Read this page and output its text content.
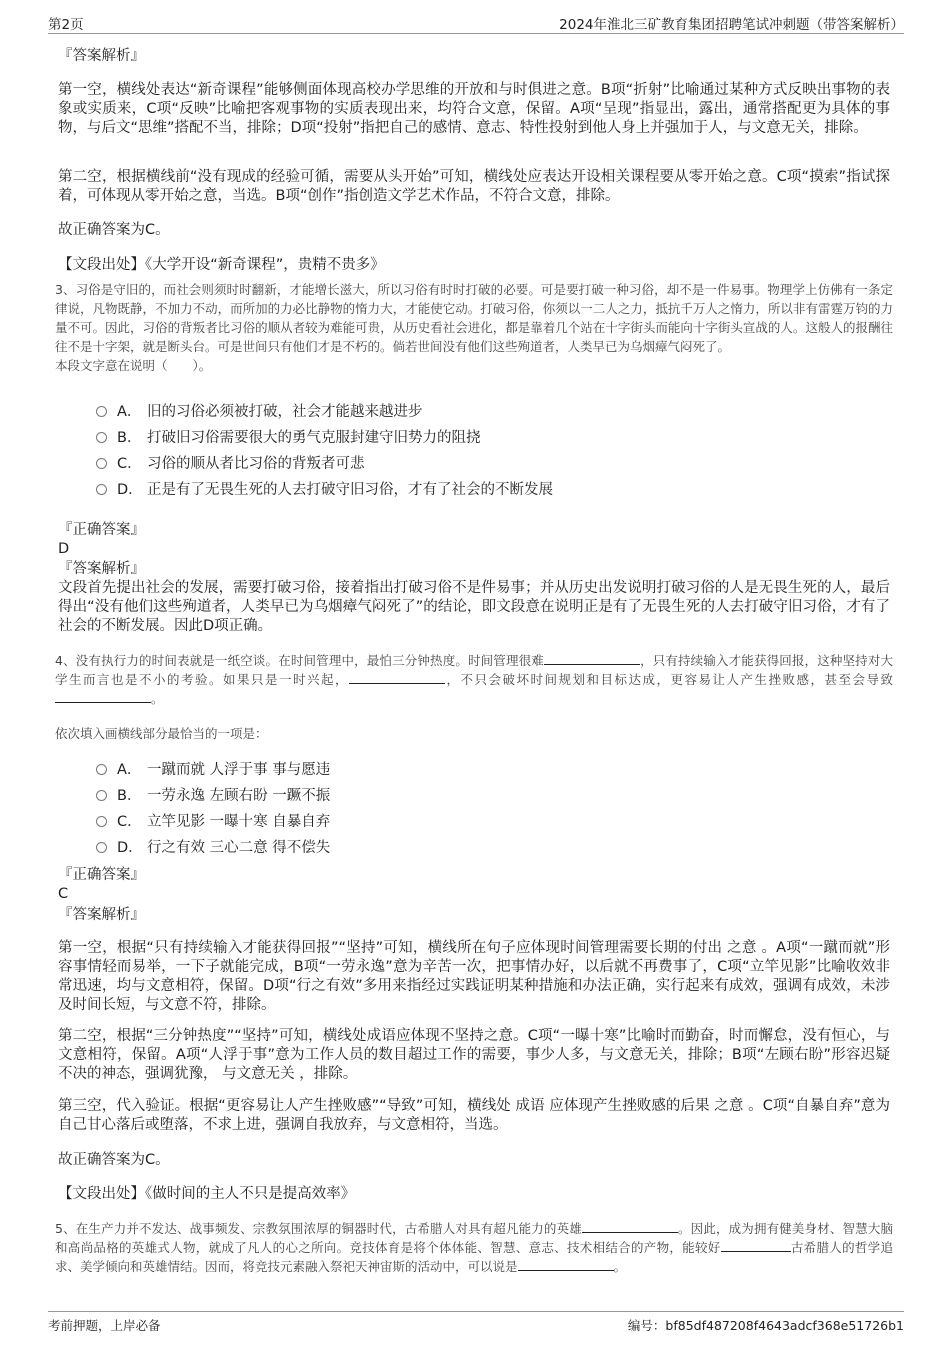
第2页	2024年淮北三矿教育集团招聘笔试冲刺题（带答案解析）
『答案解析』
第一空，横线处表达“新奇课程”能够侧面体现高校办学思维的开放和与时俱进之意。B项“折射”比喻通过某种方式反映出事物的表象或实质来，C项“反映”比喻把客观事物的实质表现出来，均符合文意，保留。A项“呈现”指显出，露出，通常搭配更为具体的事物，与后文“思维”搭配不当，排除；D项“投射”指把自己的感情、意志、特性投射到他人身上并强加于人，与文意无关，排除。
第二空，根据横线前“没有现成的经验可循，需要从头开始”可知，横线处应表达开设相关课程要从零开始之意。C项“摸索”指试探着，可体现从零开始之意，当选。B项“创作”指创造文学艺术作品，不符合文意，排除。
故正确答案为C。
【文段出处】《大学开设“新奇课程”，贵精不贵多》
3、习俗是守旧的，而社会则须时时翻新，才能增长滋大，所以习俗有时时打破的必要。可是要打破一种习俗，却不是一件易事。物理学上仿佛有一条定律说，凡物既静，不加力不动，而所加的力必比静物的惰力大，才能使它动。打破习俗，你须以一二人之力，抵抗千万人之惰力，所以非有雷霆万钧的力量不可。因此，习俗的背叛者比习俗的顺从者较为难能可贵，从历史看社会进化，都是靠着几个站在十字街头而能向十字街头宣战的人。这般人的报酬往往不是十字架，就是断头台。可是世间只有他们才是不朽的。倘若世间没有他们这些殉道者，人类早已为乌烟瘴气闷死了。
本段文字意在说明（　　）。
A． 旧的习俗必须被打破，社会才能越来越进步
B． 打破旧习俗需要很大的勇气克服封建守旧势力的阻挠
C． 习俗的顺从者比习俗的背叛者可悲
D． 正是有了无畏生死的人去打破守旧习俗，才有了社会的不断发展
『正确答案』
D
『答案解析』
文段首先提出社会的发展，需要打破习俗，接着指出打破习俗不是件易事；并从历史出发说明打破习俗的人是无畏生死的人，最后得出“没有他们这些殉道者，人类早已为乌烟瘴气闷死了”的结论，即文段意在说明正是有了无畏生死的人去打破守旧习俗，才有了社会的不断发展。因此D项正确。
4、没有执行力的时间表就是一纸空谈。在时间管理中，最怕三分钟热度。时间管理很难	，只有持续输入才能获得回报，这种坚持对大学生而言也是不小的考验。如果只是一时兴起，	，不只会破坏时间规划和目标达成，更容易让人产生挫败感，甚至会导致。
依次填入画横线部分最恰当的一项是：
A． 一蹴而就 人浮于事 事与愿违
B． 一劳永逸 左顾右盼 一蹶不振
C． 立竿见影 一曝十寒 自暴自弃
D． 行之有效 三心二意 得不偿失
『正确答案』
C
『答案解析』
第一空，根据“只有持续输入才能获得回报”“坚持”可知，横线所在句子应体现时间管理需要长期的付出 之意 。A项“一蹴而就”形容事情轻而易举，一下子就能完成，B项“一劳永逸”意为辛苦一次，把事情办好，以后就不再费事了，C项“立竿见影”比喻收效非常迅速，均与文意相符，保留。D项“行之有效”多用来指经过实践证明某种措施和办法正确，实行起来有成效，强调有成效，未涉及时间长短，与文意不符，排除。
第二空，根据“三分钟热度”“坚持”可知，横线处成语应体现不坚持之意。C项“一曝十寒”比喻时而勤奋，时而懈怠，没有恒心，与文意相符，保留。A项“人浮于事”意为工作人员的数目超过工作的需要，事少人多，与文意无关，排除；B项“左顾右盼”形容迟疑不决的神态，强调犹豫， 与文意无关 ，排除。
第三空，代入验证。根据“更容易让人产生挫败感”“导致”可知，横线处 成语 应体现产生挫败感的后果 之意 。C项“自暴自弃”意为自己甘心落后或堕落，不求上进，强调自我放弃，与文意相符，当选。
故正确答案为C。
【文段出处】《做时间的主人不只是提高效率》
5、在生产力并不发达、战事频发、宗教氛围浓厚的铜器时代，古希腊人对具有超凡能力的英雄	。因此，成为拥有健美身材、智慧大脑和高尚品格的英雄式人物，就成了凡人的心之所向。竞技体育是将个体体能、智慧、意志、技术相结合的产物，能较好	古希腊人的哲学追求、美学倾向和英雄情结。因而，将竞技元素融入祭祀天神宙斯的活动中，可以说是	。
考前押题，上岸必备	编号：bf85df487208f4643adcf368e51726b1
